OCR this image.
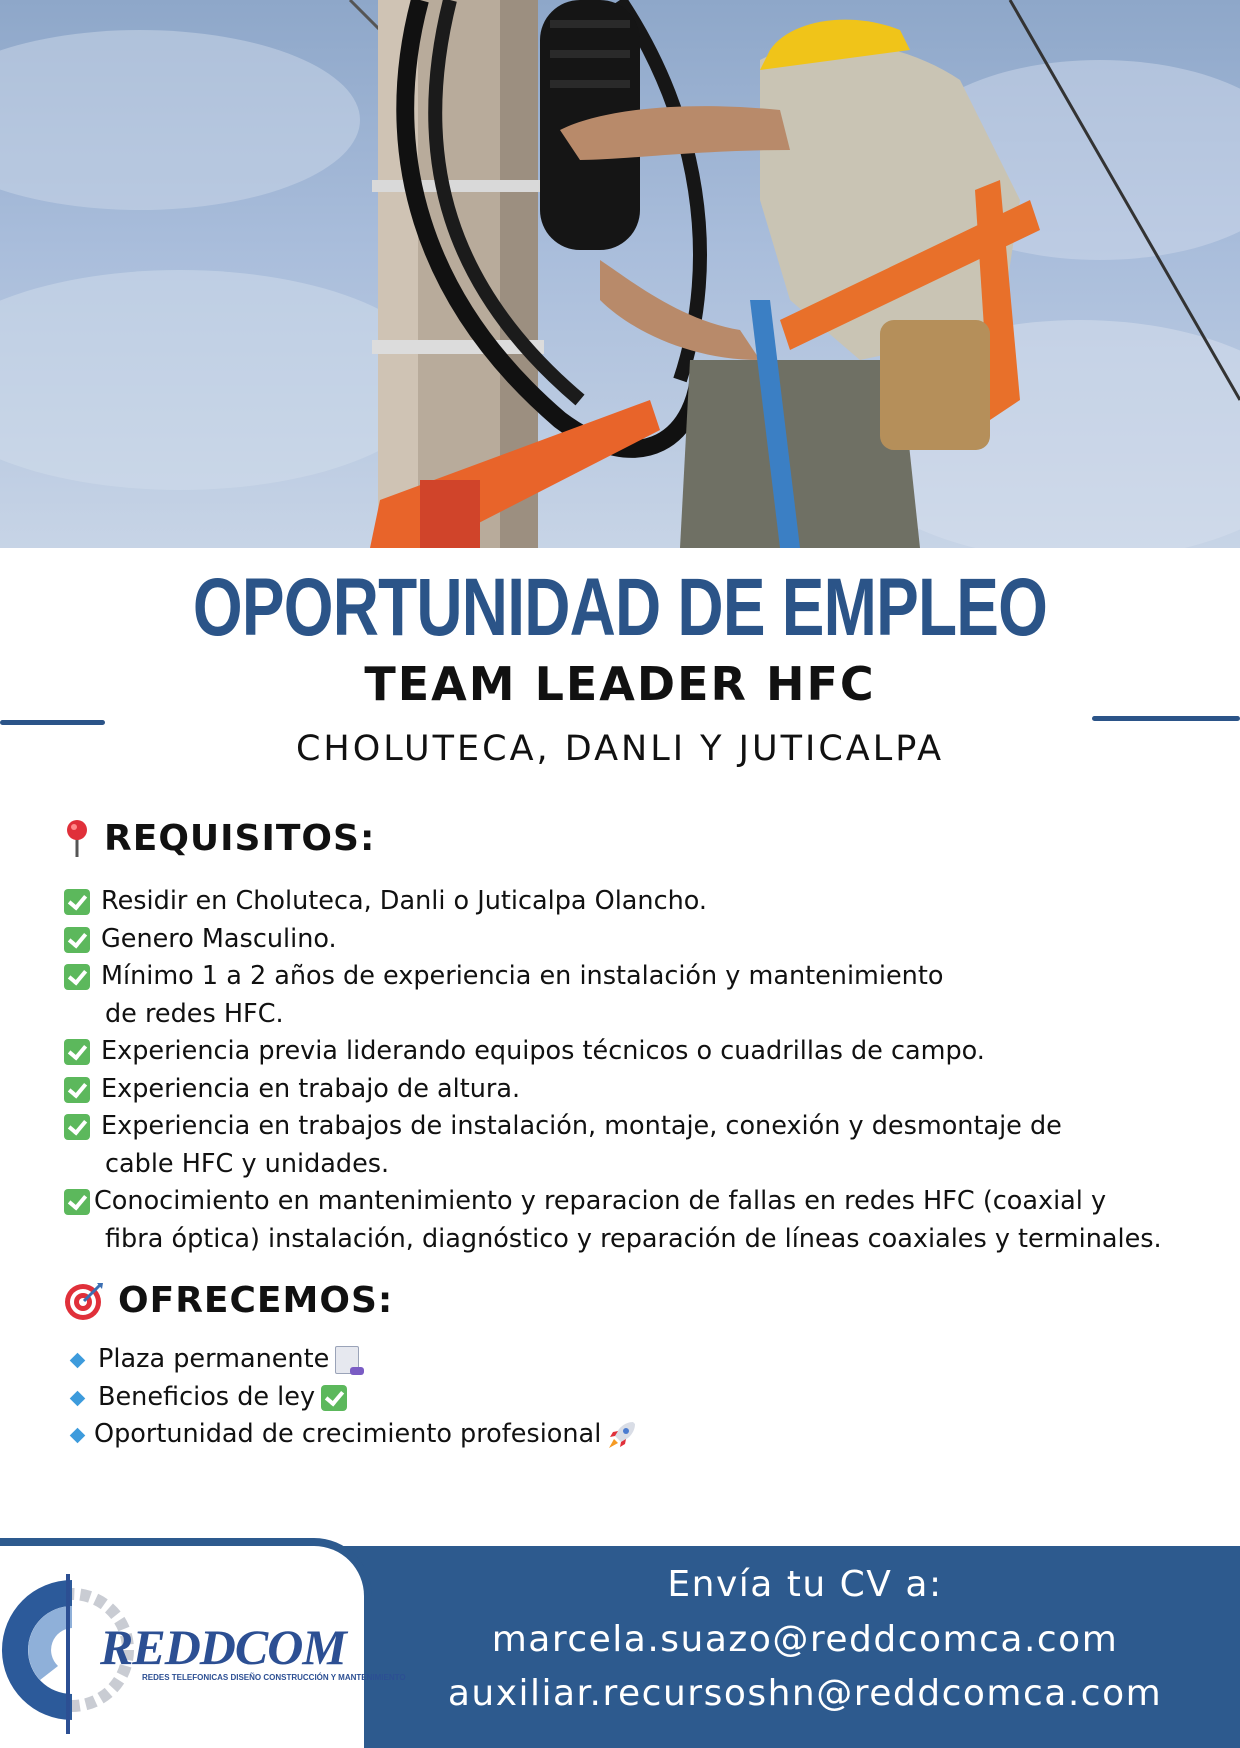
OPORTUNIDAD DE EMPLEO
TEAM LEADER HFC
CHOLUTECA, DANLI Y JUTICALPA
REQUISITOS:
Residir en Choluteca, Danli o Juticalpa Olancho.
Genero Masculino.
Mínimo 1 a 2 años de experiencia en instalación y mantenimiento
de redes HFC.
Experiencia previa liderando equipos técnicos o cuadrillas de campo.
Experiencia en trabajo de altura.
Experiencia en trabajos de instalación, montaje, conexión y desmontaje de
cable HFC y unidades.
Conocimiento en mantenimiento y reparacion de fallas en redes HFC (coaxial y
fibra óptica) instalación, diagnóstico y reparación de líneas coaxiales y terminales.
OFRECEMOS:
Plaza permanente
Beneficios de ley
Oportunidad de crecimiento profesional
REDDCOM
REDES TELEFONICAS DISEÑO CONSTRUCCIÓN Y MANTENIMIENTO
Envía tu CV a:
marcela.suazo@reddcomca.com
auxiliar.recursoshn@reddcomca.com
